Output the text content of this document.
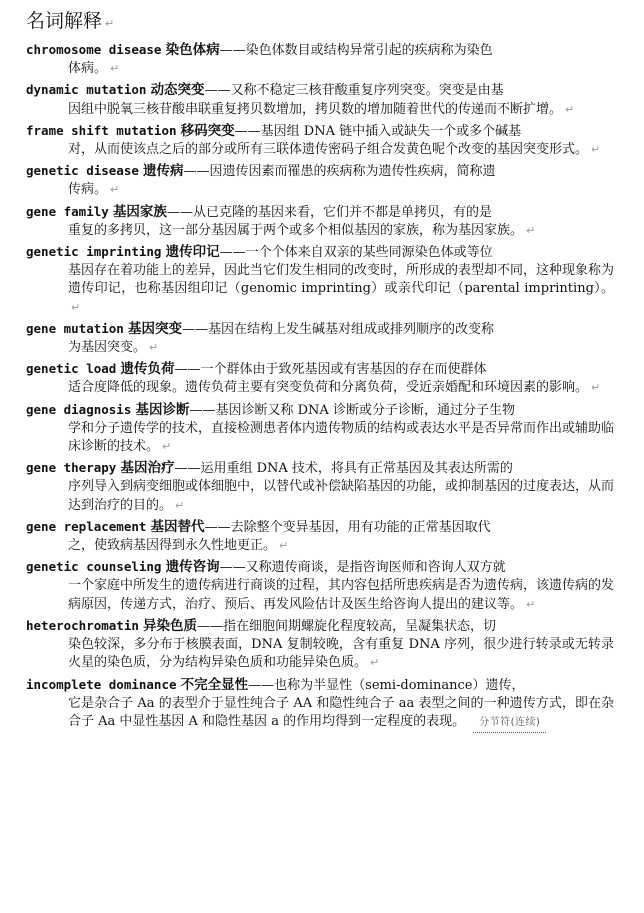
名词解释 ↵
chromosome disease 染色体病——染色体数目或结构异常引起的疾病称为染色
体病。 ↵
dynamic mutation 动态突变——又称不稳定三核苷酸重复序列突变。突变是由基
因组中脱氧三核苷酸串联重复拷贝数增加，拷贝数的增加随着世代的传递而不断扩增。 ↵
frame shift mutation 移码突变——基因组 DNA 链中插入或缺失一个或多个碱基
对，从而使该点之后的部分或所有三联体遗传密码子组合发黄色呢个改变的基因突变形式。 ↵
genetic disease 遗传病——因遗传因素而罹患的疾病称为遗传性疾病，简称遗
传病。 ↵
gene family 基因家族——从已克隆的基因来看，它们并不都是单拷贝，有的是
重复的多拷贝，这一部分基因属于两个或多个相似基因的家族，称为基因家族。 ↵
genetic imprinting 遗传印记——一个个体来自双亲的某些同源染色体或等位
基因存在着功能上的差异，因此当它们发生相同的改变时，所形成的表型却不同，这种现象称为遗传印记，也称基因组印记（genomic imprinting）或亲代印记（parental imprinting）。↵
gene mutation 基因突变——基因在结构上发生碱基对组成或排列顺序的改变称
为基因突变。 ↵
genetic load 遗传负荷——一个群体由于致死基因或有害基因的存在而使群体
适合度降低的现象。遗传负荷主要有突变负荷和分离负荷，受近亲婚配和环境因素的影响。 ↵
gene diagnosis 基因诊断——基因诊断又称 DNA 诊断或分子诊断，通过分子生物
学和分子遗传学的技术，直接检测患者体内遗传物质的结构或表达水平是否异常而作出或辅助临床诊断的技术。 ↵
gene therapy 基因治疗——运用重组 DNA 技术，将具有正常基因及其表达所需的
序列导入到病变细胞或体细胞中，以替代或补偿缺陷基因的功能，或抑制基因的过度表达，从而达到治疗的目的。 ↵
gene replacement 基因替代——去除整个变异基因，用有功能的正常基因取代
之，使致病基因得到永久性地更正。 ↵
genetic counseling 遗传咨询——又称遗传商谈，是指咨询医师和咨询人双方就
一个家庭中所发生的遗传病进行商谈的过程，其内容包括所患疾病是否为遗传病，该遗传病的发病原因，传递方式，治疗、预后、再发风险估计及医生给咨询人提出的建议等。 ↵
heterochromatin 异染色质——指在细胞间期螺旋化程度较高，呈凝集状态，切
染色较深，多分布于核膜表面，DNA 复制较晚，含有重复 DNA 序列，很少进行转录或无转录火星的染色质，分为结构异染色质和功能异染色质。 ↵
incomplete dominance 不完全显性——也称为半显性（semi-dominance）遗传，
它是杂合子 Aa 的表型介于显性纯合子 AA 和隐性纯合子 aa 表型之间的一种遗传方式，即在杂合子 Aa 中显性基因 A 和隐性基因 a 的作用均得到一定程度的表现。 分节符(连续)
